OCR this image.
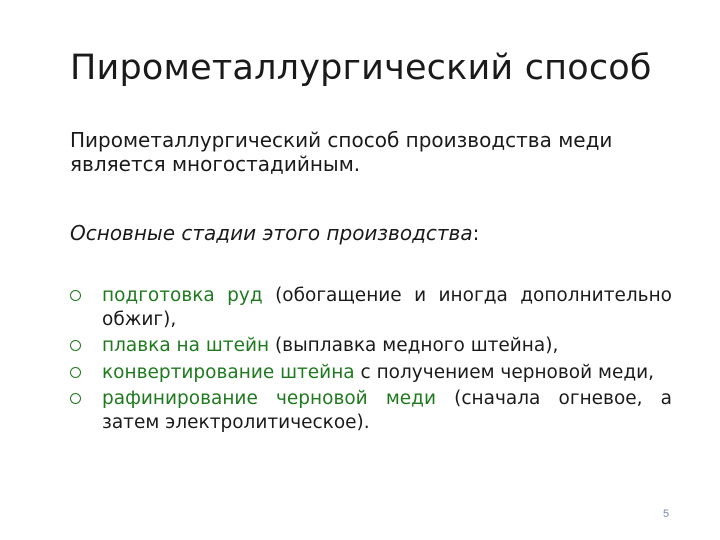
Пирометаллургический способ
Пирометаллургический способ производства меди является многостадийным.
Основные стадии этого производства:
подготовка руд (обогащение и иногда дополнительно обжиг),
плавка на штейн (выплавка медного штейна),
конвертирование штейна с получением черновой меди,
рафинирование черновой меди (сначала огневое, а затем электролитическое).
5
